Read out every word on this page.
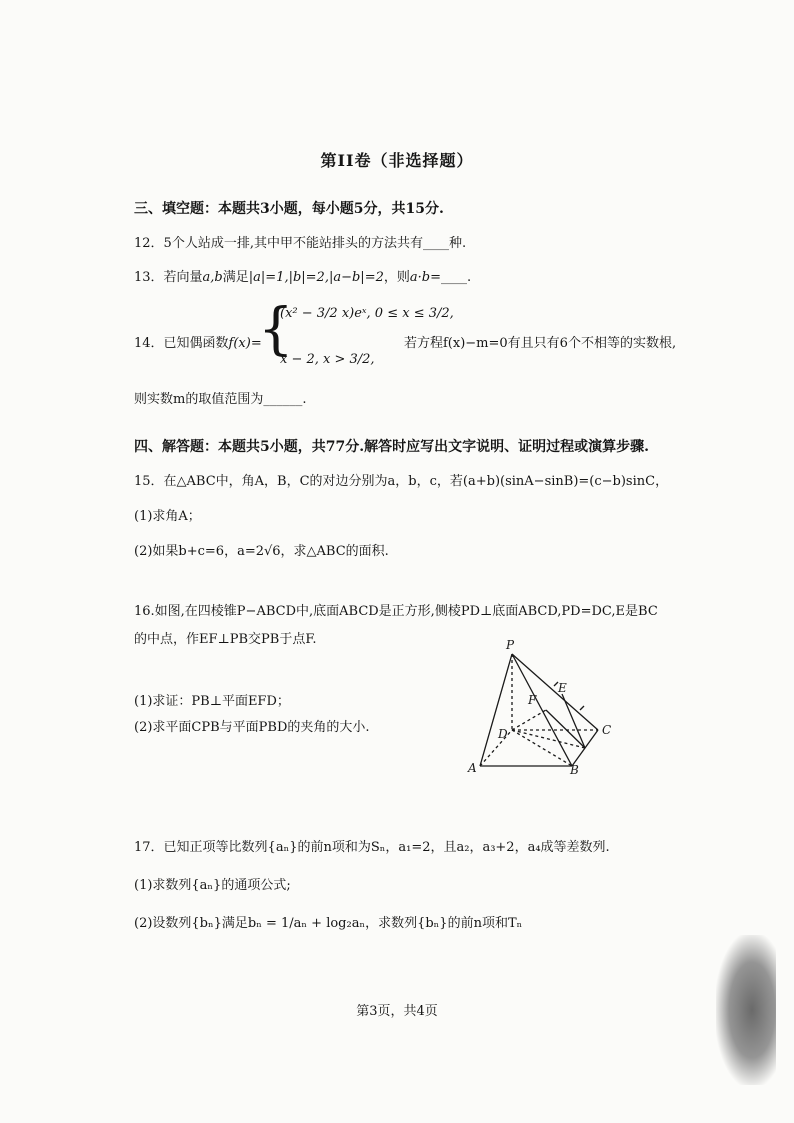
第II卷（非选择题）
三、填空题：本题共3小题，每小题5分，共15分.
12．5个人站成一排,其中甲不能站排头的方法共有____种.
13．若向量a,b满足|a|=1,|b|=2,|a−b|=2，则a·b=____.
14．已知偶函数f(x)=
{
(x² − 3/2 x)eˣ, 0 ≤ x ≤ 3/2,
x − 2, x > 3/2,
若方程f(x)−m=0有且只有6个不相等的实数根,
则实数m的取值范围为______.
四、解答题：本题共5小题，共77分.解答时应写出文字说明、证明过程或演算步骤.
15．在△ABC中，角A，B，C的对边分别为a，b，c，若(a+b)(sinA−sinB)=(c−b)sinC，
(1)求角A；
(2)如果b+c=6，a=2√6，求△ABC的面积.
16.如图,在四棱锥P−ABCD中,底面ABCD是正方形,侧棱PD⊥底面ABCD,PD=DC,E是BC
的中点，作EF⊥PB交PB于点F.
(1)求证：PB⊥平面EFD；
(2)求平面CPB与平面PBD的夹角的大小.
P
F
E
D	C
A	B
17．已知正项等比数列{aₙ}的前n项和为Sₙ，a₁=2，且a₂，a₃+2，a₄成等差数列.
(1)求数列{aₙ}的通项公式;
(2)设数列{bₙ}满足bₙ = 1/aₙ + log₂aₙ，求数列{bₙ}的前n项和Tₙ
第3页，共4页
